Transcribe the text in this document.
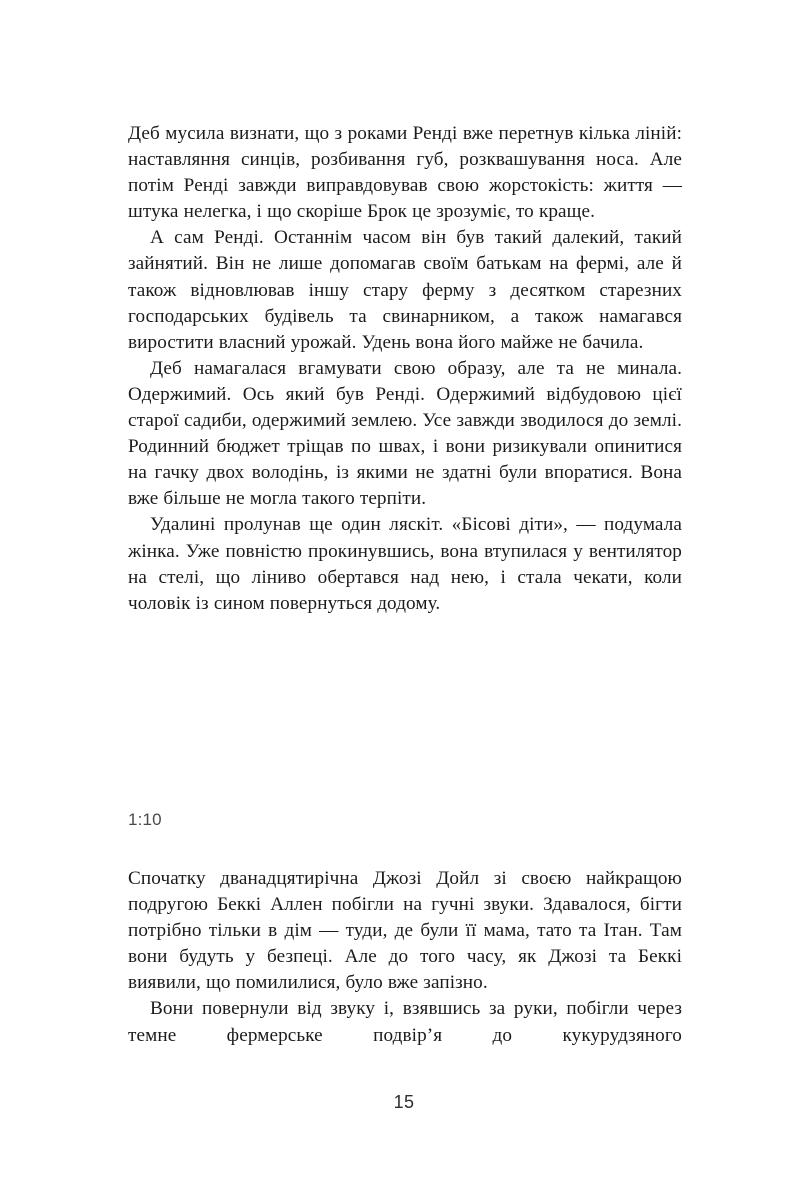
Деб мусила визнати, що з роками Ренді вже перетнув кілька ліній: наставляння синців, розбивання губ, розквашування носа. Але потім Ренді завжди виправдовував свою жорстокість: життя — штука нелегка, і що скоріше Брок це зрозуміє, то краще.

А сам Ренді. Останнім часом він був такий далекий, такий зайнятий. Він не лише допомагав своїм батькам на фермі, але й також відновлював іншу стару ферму з десятком старезних господарських будівель та свинарником, а також намагався виростити власний урожай. Удень вона його майже не бачила.

Деб намагалася вгамувати свою образу, але та не минала. Одержимий. Ось який був Ренді. Одержимий відбудовою цієї старої садиби, одержимий землею. Усе завжди зводилося до землі. Родинний бюджет тріщав по швах, і вони ризикували опинитися на гачку двох володінь, із якими не здатні були впоратися. Вона вже більше не могла такого терпіти.

Удалині пролунав ще один ляскіт. «Бісові діти», — подумала жінка. Уже повністю прокинувшись, вона втупилася у вентилятор на стелі, що ліниво обертався над нею, і стала чекати, коли чоловік із сином повернуться додому.

1:10

Спочатку дванадцятирічна Джозі Дойл зі своєю найкращою подругою Беккі Аллен побігли на гучні звуки. Здавалося, бігти потрібно тільки в дім — туди, де були її мама, тато та Ітан. Там вони будуть у безпеці. Але до того часу, як Джозі та Беккі виявили, що помилилися, було вже запізно.

Вони повернули від звуку і, взявшись за руки, побігли через темне фермерське подвір’я до кукурудзяного

15
